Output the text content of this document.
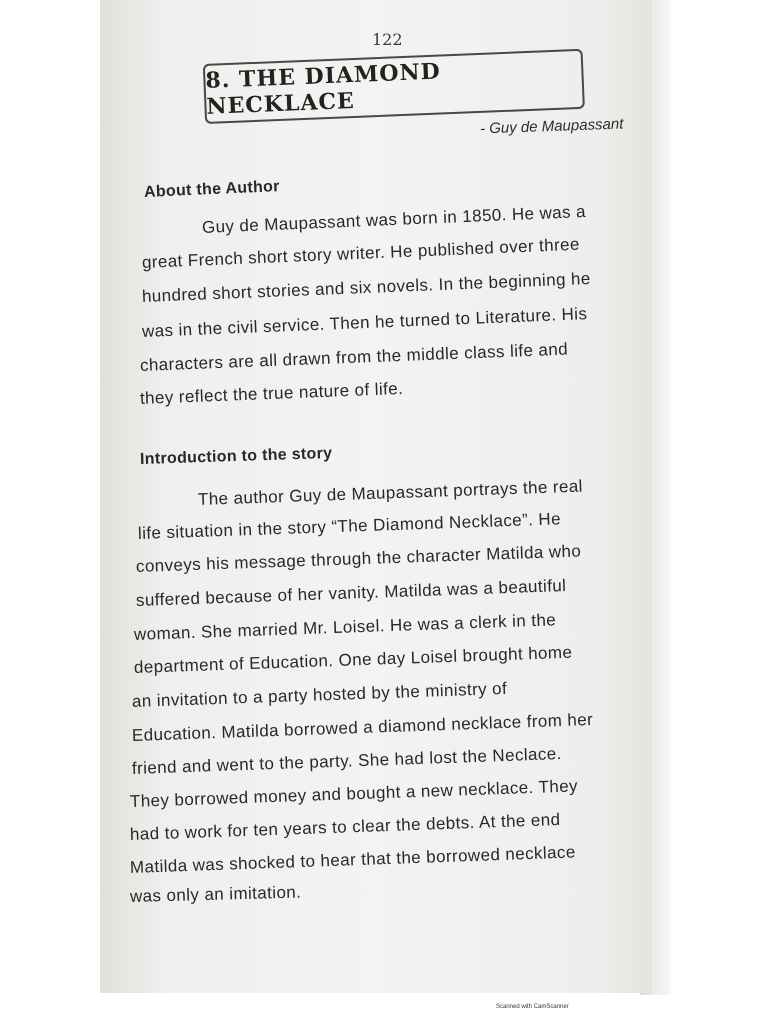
122
8. THE DIAMOND NECKLACE
- Guy de Maupassant
About the Author
Guy de Maupassant was born in 1850. He was a
great French short story writer. He published over three
hundred short stories and six novels. In the beginning he
was in the civil service. Then he turned to Literature. His
characters are all drawn from the middle class life and
they reflect the true nature of life.
Introduction to the story
The author Guy de Maupassant portrays the real
life situation in the story “The Diamond Necklace”. He
conveys his message through the character Matilda who
suffered because of her vanity. Matilda was a beautiful
woman. She married Mr. Loisel. He was a clerk in the
department of Education. One day Loisel brought home
an invitation to a party hosted by the ministry of
Education. Matilda borrowed a diamond necklace from her
friend and went to the party. She had lost the Neclace.
They borrowed money and bought a new necklace. They
had to work for ten years to clear the debts. At the end
Matilda was shocked to hear that the borrowed necklace
was only an imitation.
Scanned with CamScanner
